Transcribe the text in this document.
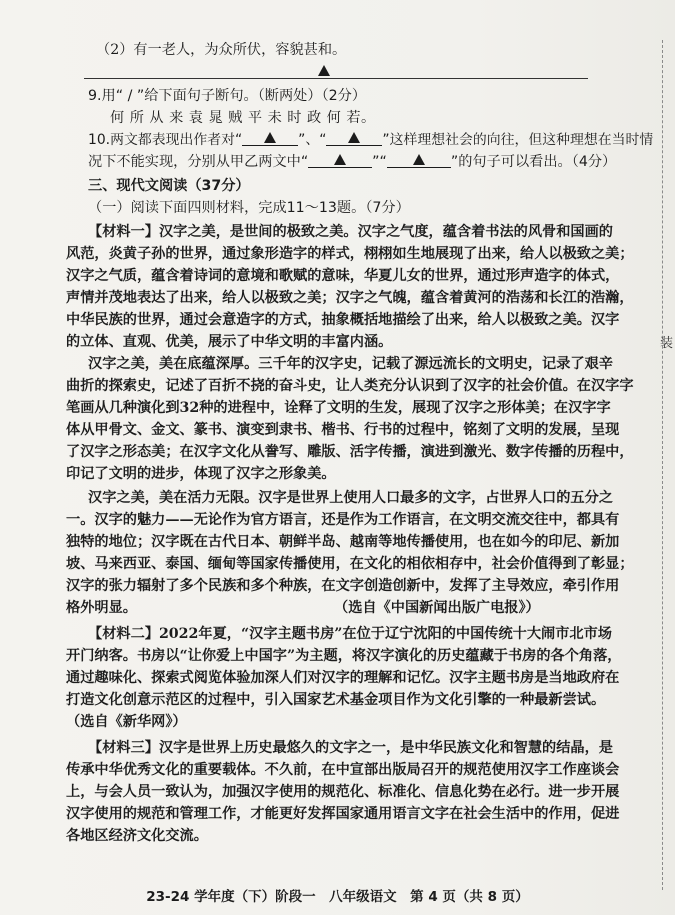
装
（2）有一老人，为众所伏，容貌甚和。
9.用“ / ”给下面句子断句。（断两处）（2分）
何 所 从 来 袁 晁 贼 平 未 时 政 何 若。
10.两文都表现出作者对“	”、“	”这样理想社会的向往，但这种理想在当时情
况下不能实现，分别从甲乙两文中“	”“	”的句子可以看出。（4分）
三、现代文阅读（37分）
（一）阅读下面四则材料，完成11～13题。（7分）
【材料一】汉字之美，是世间的极致之美。汉字之气度，蕴含着书法的风骨和国画的
风范，炎黄子孙的世界，通过象形造字的样式，栩栩如生地展现了出来，给人以极致之美；
汉字之气质，蕴含着诗词的意境和歌赋的意味，华夏儿女的世界，通过形声造字的体式，
声情并茂地表达了出来，给人以极致之美；汉字之气魄，蕴含着黄河的浩荡和长江的浩瀚，
中华民族的世界，通过会意造字的方式，抽象概括地描绘了出来，给人以极致之美。汉字
的立体、直观、优美，展示了中华文明的丰富内涵。
汉字之美，美在底蕴深厚。三千年的汉字史，记载了源远流长的文明史，记录了艰辛
曲折的探索史，记述了百折不挠的奋斗史，让人类充分认识到了汉字的社会价值。在汉字字
笔画从几种演化到32种的进程中，诠释了文明的生发，展现了汉字之形体美；在汉字字
体从甲骨文、金文、篆书、演变到隶书、楷书、行书的过程中，铭刻了文明的发展，呈现
了汉字之形态美；在汉字文化从誊写、雕版、活字传播，演进到激光、数字传播的历程中，
印记了文明的进步，体现了汉字之形象美。
汉字之美，美在活力无限。汉字是世界上使用人口最多的文字，占世界人口的五分之
一。汉字的魅力——无论作为官方语言，还是作为工作语言，在文明交流交往中，都具有
独特的地位；汉字既在古代日本、朝鲜半岛、越南等地传播使用，也在如今的印尼、新加
坡、马来西亚、泰国、缅甸等国家传播使用，在文化的相依相存中，社会价值得到了彰显；
汉字的张力辐射了多个民族和多个种族，在文字创造创新中，发挥了主导效应，牵引作用
格外明显。	（选自《中国新闻出版广电报》）
【材料二】2022年夏，“汉字主题书房”在位于辽宁沈阳的中国传统十大闹市北市场
开门纳客。书房以“让你爱上中国字”为主题，将汉字演化的历史蕴藏于书房的各个角落，
通过趣味化、探索式阅览体验加深人们对汉字的理解和记忆。汉字主题书房是当地政府在
打造文化创意示范区的过程中，引入国家艺术基金项目作为文化引擎的一种最新尝试。
（选自《新华网》）
【材料三】汉字是世界上历史最悠久的文字之一，是中华民族文化和智慧的结晶，是
传承中华优秀文化的重要载体。不久前，在中宣部出版局召开的规范使用汉字工作座谈会
上，与会人员一致认为，加强汉字使用的规范化、标准化、信息化势在必行。进一步开展
汉字使用的规范和管理工作，才能更好发挥国家通用语言文字在社会生活中的作用，促进
各地区经济文化交流。
23-24 学年度（下）阶段一　八年级语文　第 4 页（共 8 页）
